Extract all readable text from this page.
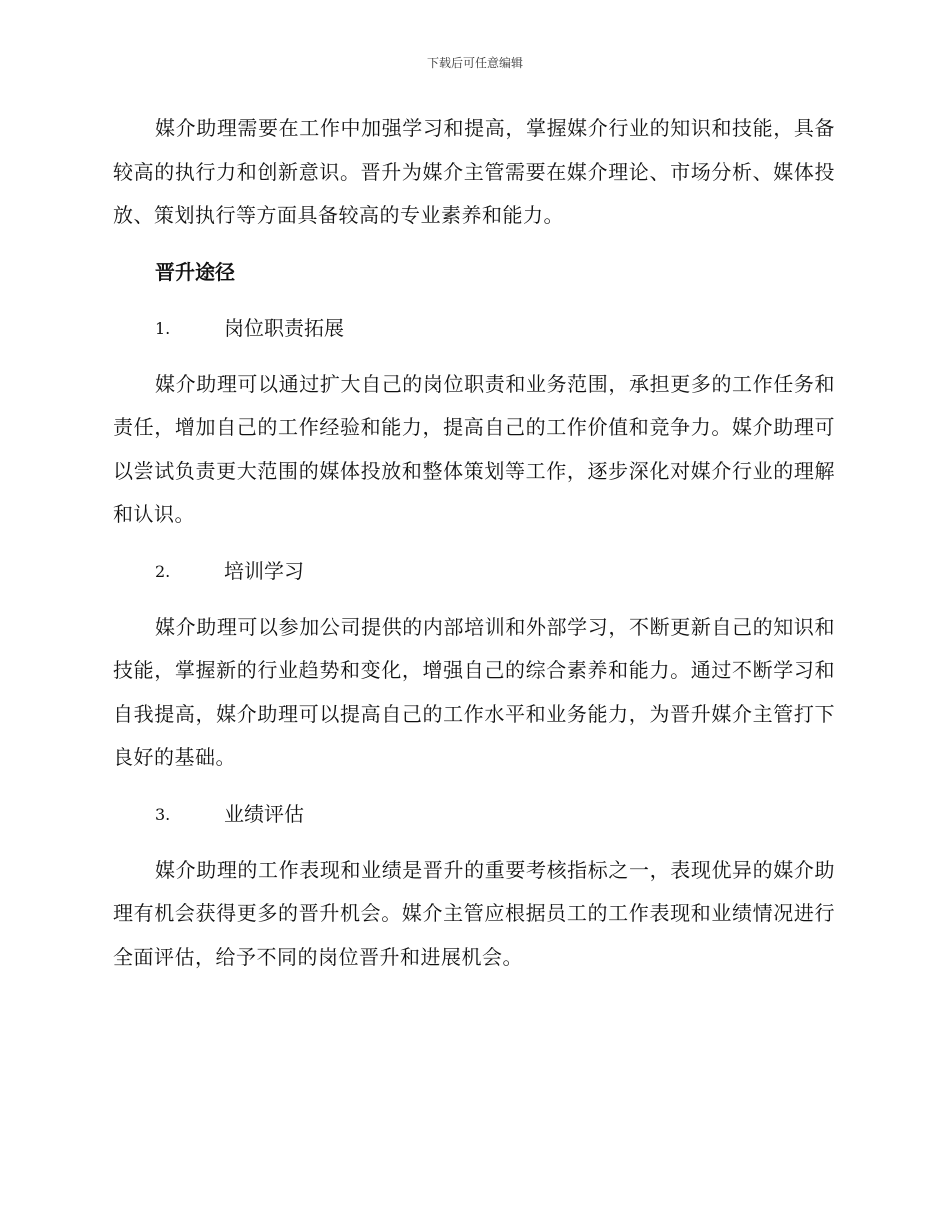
下载后可任意编辑

媒介助理需要在工作中加强学习和提高，掌握媒介行业的知识和技能，具备较高的执行力和创新意识。晋升为媒介主管需要在媒介理论、市场分析、媒体投放、策划执行等方面具备较高的专业素养和能力。

晋升途径
1.	岗位职责拓展

媒介助理可以通过扩大自己的岗位职责和业务范围，承担更多的工作任务和责任，增加自己的工作经验和能力，提高自己的工作价值和竞争力。媒介助理可以尝试负责更大范围的媒体投放和整体策划等工作，逐步深化对媒介行业的理解和认识。

2.	培训学习

媒介助理可以参加公司提供的内部培训和外部学习，不断更新自己的知识和技能，掌握新的行业趋势和变化，增强自己的综合素养和能力。通过不断学习和自我提高，媒介助理可以提高自己的工作水平和业务能力，为晋升媒介主管打下良好的基础。

3.	业绩评估

媒介助理的工作表现和业绩是晋升的重要考核指标之一，表现优异的媒介助理有机会获得更多的晋升机会。媒介主管应根据员工的工作表现和业绩情况进行全面评估，给予不同的岗位晋升和进展机会。
